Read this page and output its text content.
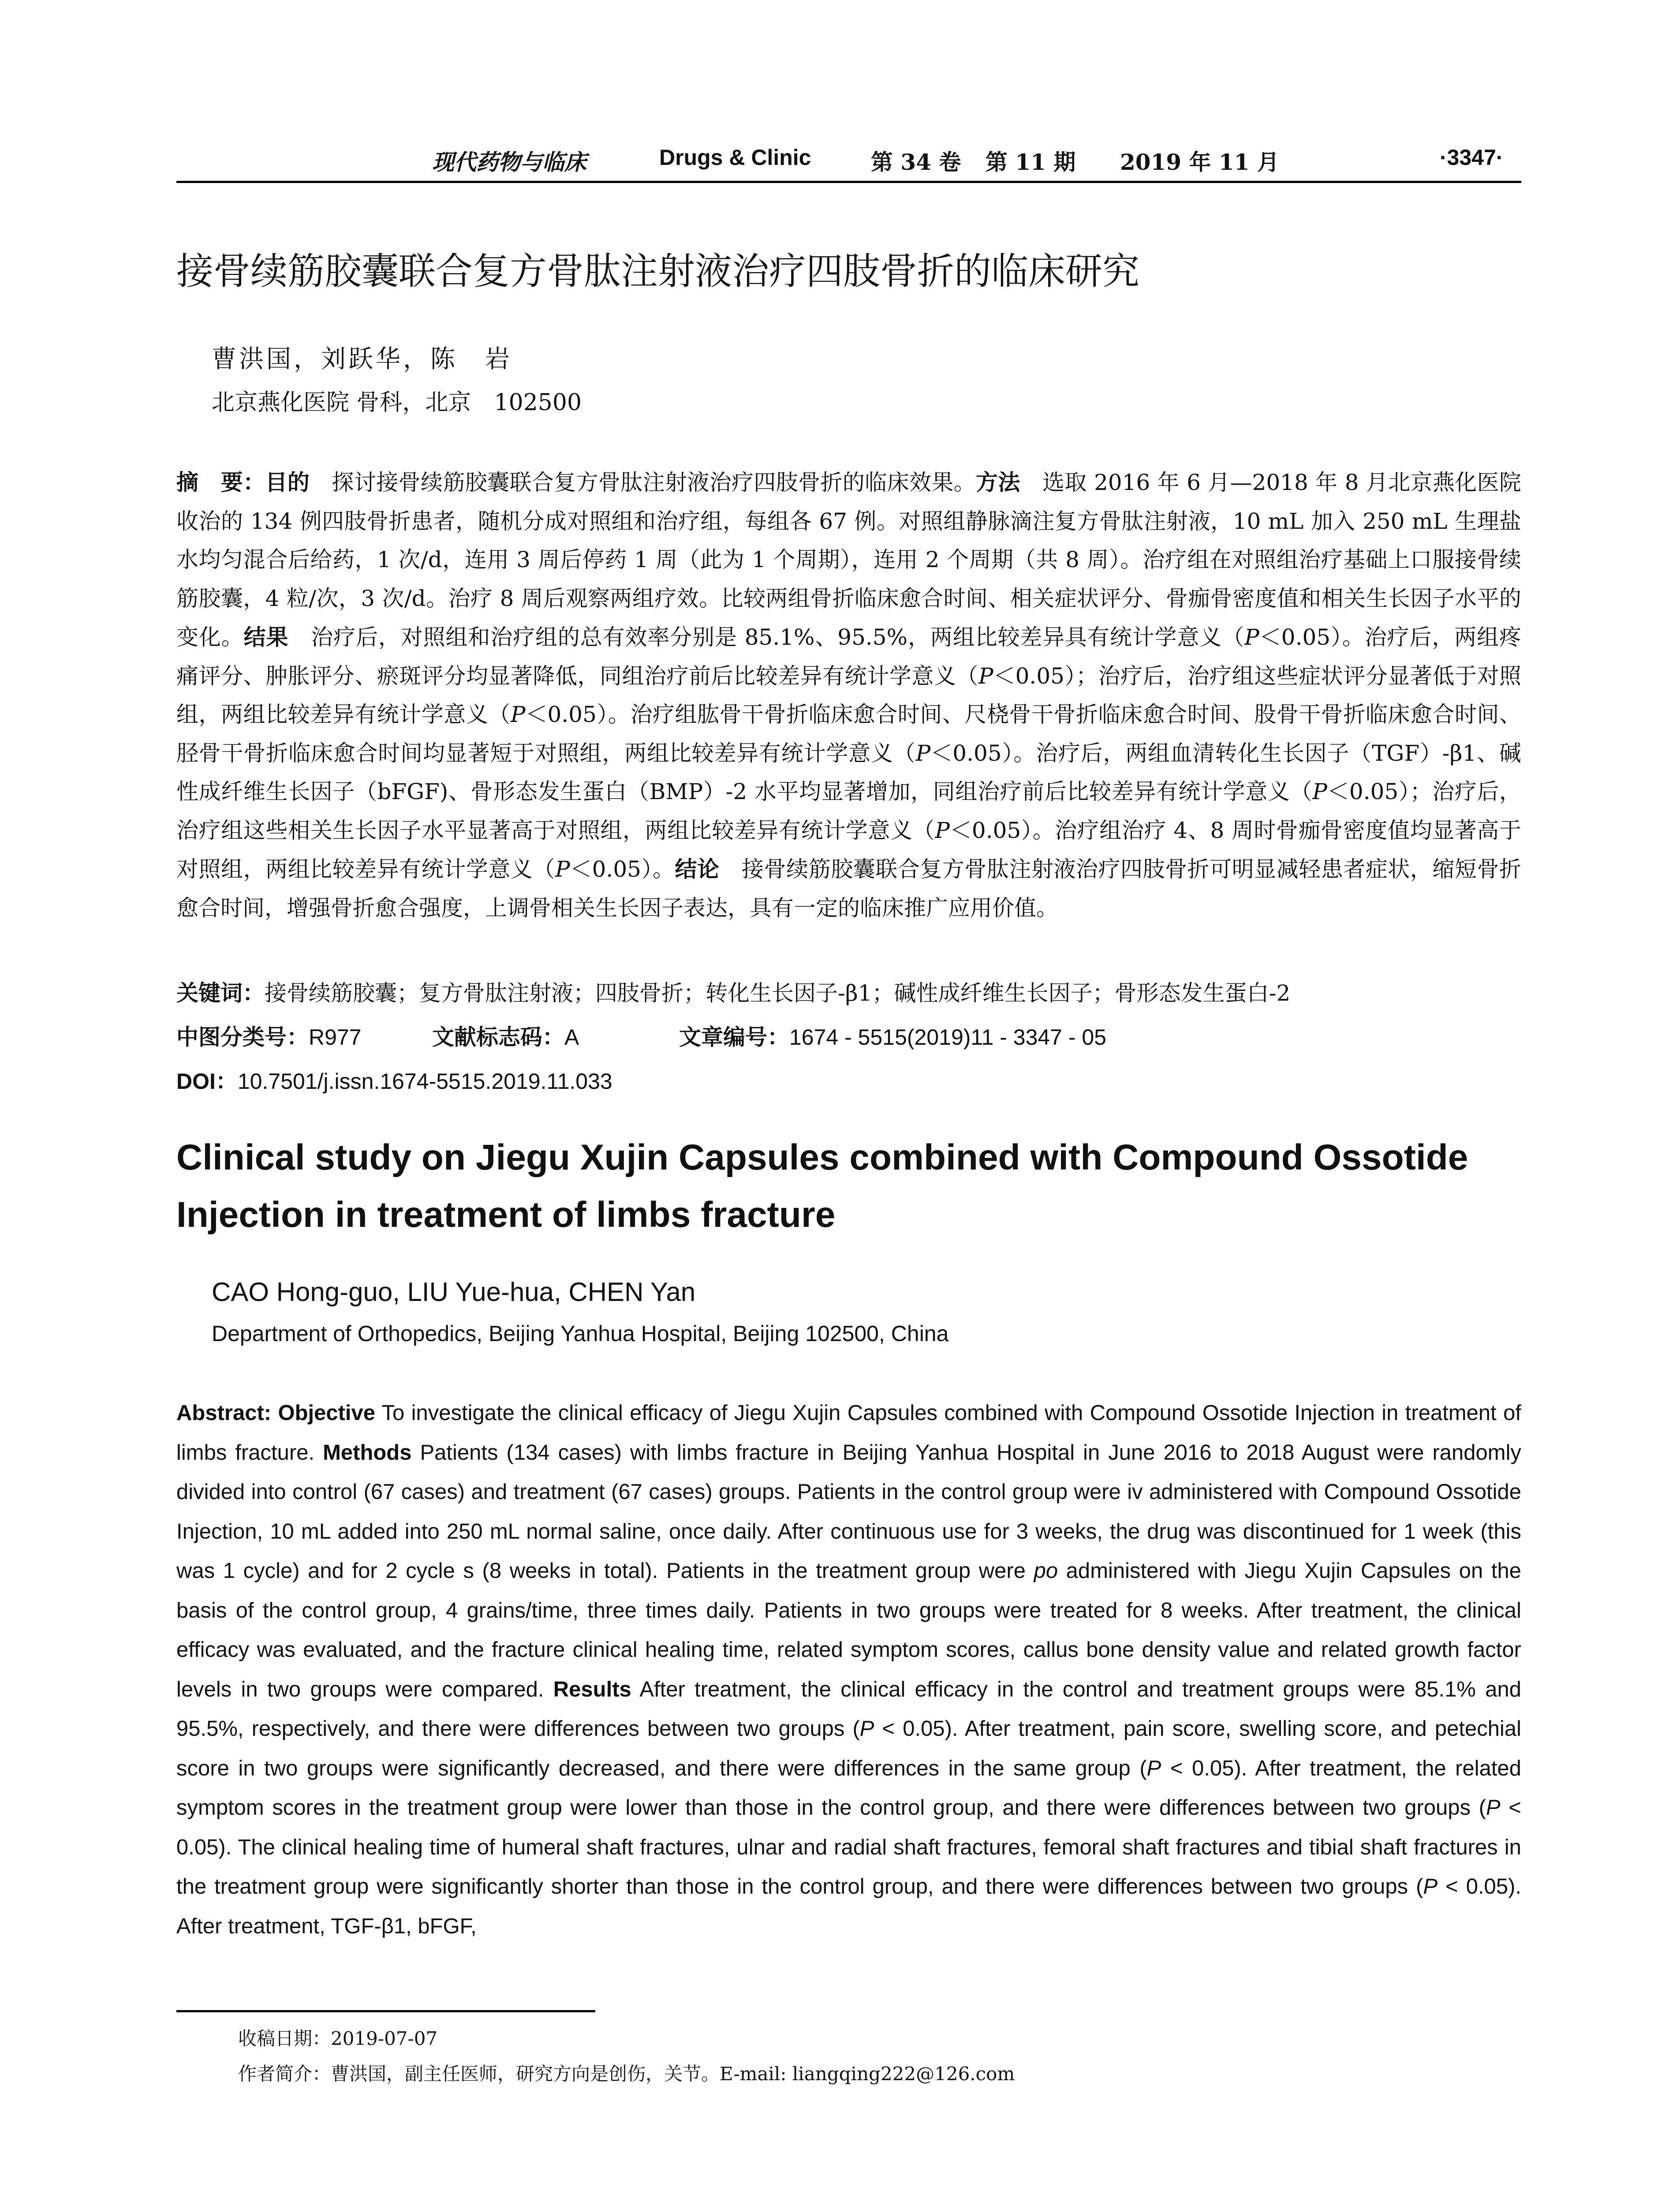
现代药物与临床	Drugs & Clinic	第 34 卷 第 11 期 2019 年 11 月	·3347·
接骨续筋胶囊联合复方骨肽注射液治疗四肢骨折的临床研究
曹洪国，刘跃华，陈　岩
北京燕化医院 骨科，北京　102500
摘　要：目的　探讨接骨续筋胶囊联合复方骨肽注射液治疗四肢骨折的临床效果。方法　选取 2016 年 6 月—2018 年 8 月北京燕化医院收治的 134 例四肢骨折患者，随机分成对照组和治疗组，每组各 67 例。对照组静脉滴注复方骨肽注射液，10 mL 加入 250 mL 生理盐水均匀混合后给药，1 次/d，连用 3 周后停药 1 周（此为 1 个周期），连用 2 个周期（共 8 周）。治疗组在对照组治疗基础上口服接骨续筋胶囊，4 粒/次，3 次/d。治疗 8 周后观察两组疗效。比较两组骨折临床愈合时间、相关症状评分、骨痂骨密度值和相关生长因子水平的变化。结果　治疗后，对照组和治疗组的总有效率分别是 85.1%、95.5%，两组比较差异具有统计学意义（P＜0.05）。治疗后，两组疼痛评分、肿胀评分、瘀斑评分均显著降低，同组治疗前后比较差异有统计学意义（P＜0.05）；治疗后，治疗组这些症状评分显著低于对照组，两组比较差异有统计学意义（P＜0.05）。治疗组肱骨干骨折临床愈合时间、尺桡骨干骨折临床愈合时间、股骨干骨折临床愈合时间、胫骨干骨折临床愈合时间均显著短于对照组，两组比较差异有统计学意义（P＜0.05）。治疗后，两组血清转化生长因子（TGF）-β1、碱性成纤维生长因子（bFGF)、骨形态发生蛋白（BMP）-2 水平均显著增加，同组治疗前后比较差异有统计学意义（P＜0.05）；治疗后，治疗组这些相关生长因子水平显著高于对照组，两组比较差异有统计学意义（P＜0.05）。治疗组治疗 4、8 周时骨痂骨密度值均显著高于对照组，两组比较差异有统计学意义（P＜0.05）。结论　接骨续筋胶囊联合复方骨肽注射液治疗四肢骨折可明显减轻患者症状，缩短骨折愈合时间，增强骨折愈合强度，上调骨相关生长因子表达，具有一定的临床推广应用价值。
关键词：接骨续筋胶囊；复方骨肽注射液；四肢骨折；转化生长因子-β1；碱性成纤维生长因子；骨形态发生蛋白-2
中图分类号：R977	文献标志码：A	文章编号：1674 - 5515(2019)11 - 3347 - 05
DOI：10.7501/j.issn.1674-5515.2019.11.033
Clinical study on Jiegu Xujin Capsules combined with Compound Ossotide Injection in treatment of limbs fracture
CAO Hong-guo, LIU Yue-hua, CHEN Yan
Department of Orthopedics, Beijing Yanhua Hospital, Beijing 102500, China
Abstract: Objective To investigate the clinical efficacy of Jiegu Xujin Capsules combined with Compound Ossotide Injection in treatment of limbs fracture. Methods Patients (134 cases) with limbs fracture in Beijing Yanhua Hospital in June 2016 to 2018 August were randomly divided into control (67 cases) and treatment (67 cases) groups. Patients in the control group were iv administered with Compound Ossotide Injection, 10 mL added into 250 mL normal saline, once daily. After continuous use for 3 weeks, the drug was discontinued for 1 week (this was 1 cycle) and for 2 cycle s (8 weeks in total). Patients in the treatment group were po administered with Jiegu Xujin Capsules on the basis of the control group, 4 grains/time, three times daily. Patients in two groups were treated for 8 weeks. After treatment, the clinical efficacy was evaluated, and the fracture clinical healing time, related symptom scores, callus bone density value and related growth factor levels in two groups were compared. Results After treatment, the clinical efficacy in the control and treatment groups were 85.1% and 95.5%, respectively, and there were differences between two groups (P < 0.05). After treatment, pain score, swelling score, and petechial score in two groups were significantly decreased, and there were differences in the same group (P < 0.05). After treatment, the related symptom scores in the treatment group were lower than those in the control group, and there were differences between two groups (P < 0.05). The clinical healing time of humeral shaft fractures, ulnar and radial shaft fractures, femoral shaft fractures and tibial shaft fractures in the treatment group were significantly shorter than those in the control group, and there were differences between two groups (P < 0.05). After treatment, TGF-β1, bFGF,
收稿日期：2019-07-07
作者简介：曹洪国，副主任医师，研究方向是创伤，关节。E-mail: liangqing222@126.com
